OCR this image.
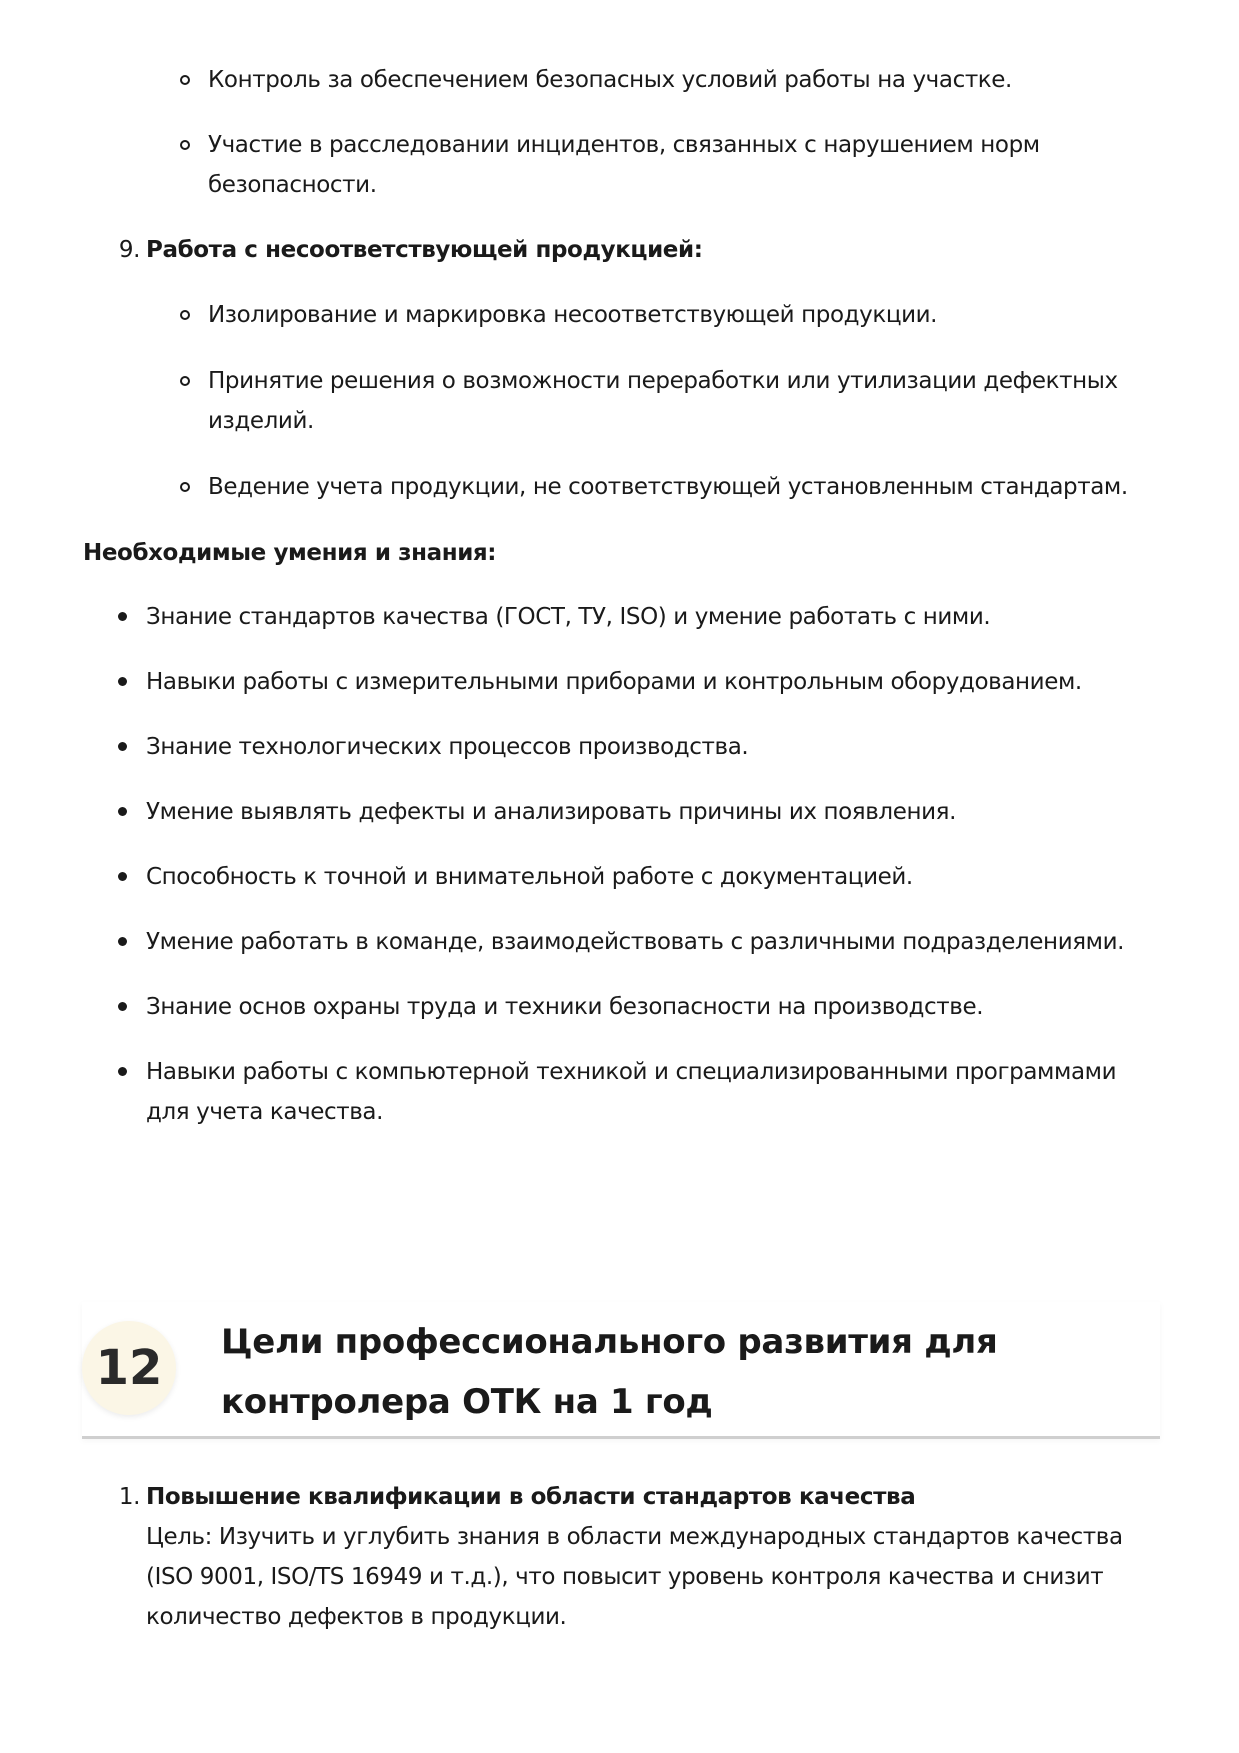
Контроль за обеспечением безопасных условий работы на участке.
Участие в расследовании инцидентов, связанных с нарушением норм безопасности.
9. Работа с несоответствующей продукцией:
Изолирование и маркировка несоответствующей продукции.
Принятие решения о возможности переработки или утилизации дефектных изделий.
Ведение учета продукции, не соответствующей установленным стандартам.
Необходимые умения и знания:
Знание стандартов качества (ГОСТ, ТУ, ISO) и умение работать с ними.
Навыки работы с измерительными приборами и контрольным оборудованием.
Знание технологических процессов производства.
Умение выявлять дефекты и анализировать причины их появления.
Способность к точной и внимательной работе с документацией.
Умение работать в команде, взаимодействовать с различными подразделениями.
Знание основ охраны труда и техники безопасности на производстве.
Навыки работы с компьютерной техникой и специализированными программами для учета качества.
12	Цели профессионального развития для контролера ОТК на 1 год
1. Повышение квалификации в области стандартов качества
Цель: Изучить и углубить знания в области международных стандартов качества (ISO 9001, ISO/TS 16949 и т.д.), что повысит уровень контроля качества и снизит количество дефектов в продукции.
